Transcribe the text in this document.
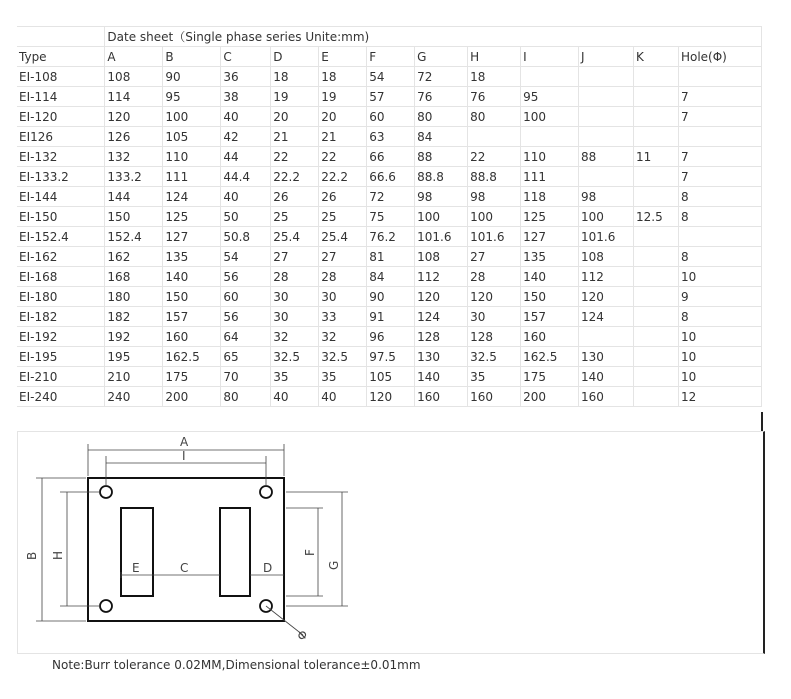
	Date sheet（Single phase series Unite:mm)											
Type	A	B	C	D	E	F	G	H	I	J	K	Hole(Φ)
EI-108	108	90	36	18	18	54	72	18				
EI-114	114	95	38	19	19	57	76	76	95			7
EI-120	120	100	40	20	20	60	80	80	100			7
EI126	126	105	42	21	21	63	84					
EI-132	132	110	44	22	22	66	88	22	110	88	11	7
EI-133.2	133.2	111	44.4	22.2	22.2	66.6	88.8	88.8	111			7
EI-144	144	124	40	26	26	72	98	98	118	98		8
EI-150	150	125	50	25	25	75	100	100	125	100	12.5	8
EI-152.4	152.4	127	50.8	25.4	25.4	76.2	101.6	101.6	127	101.6		
EI-162	162	135	54	27	27	81	108	27	135	108		8
EI-168	168	140	56	28	28	84	112	28	140	112		10
EI-180	180	150	60	30	30	90	120	120	150	120		9
EI-182	182	157	56	30	33	91	124	30	157	124		8
EI-192	192	160	64	32	32	96	128	128	160			10
EI-195	195	162.5	65	32.5	32.5	97.5	130	32.5	162.5	130		10
EI-210	210	175	70	35	35	105	140	35	175	140		10
EI-240	240	200	80	40	40	120	160	160	200	160		12
A
I
B H
E	C	D
F
G
Φ
Note:Burr tolerance 0.02MM,Dimensional tolerance±0.01mm
